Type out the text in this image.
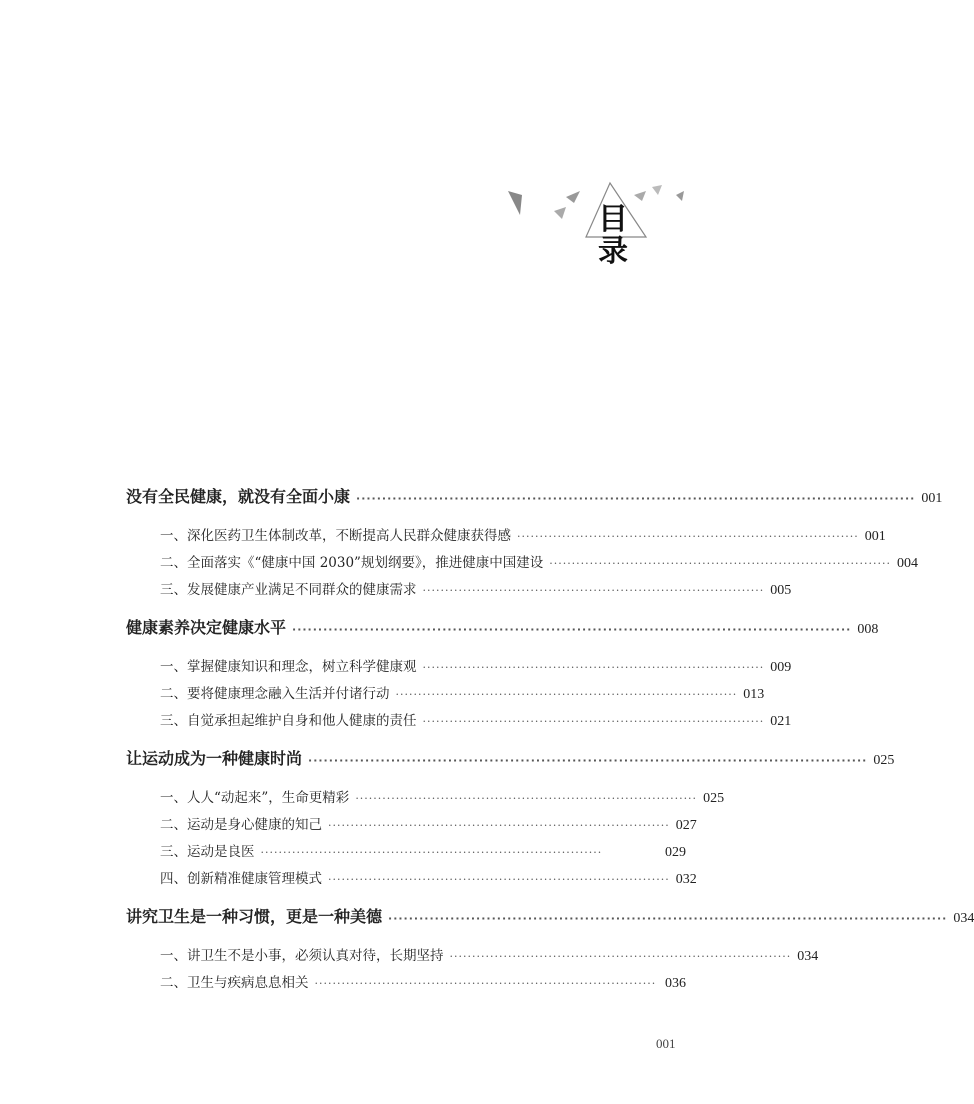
目
录
没有全民健康，就没有全面小康 ············································································································ 001
一、深化医药卫生体制改革，不断提高人民群众健康获得感 ············································································ 001
二、全面落实《“健康中国 2030”规划纲要》，推进健康中国建设 ············································································ 004
三、发展健康产业满足不同群众的健康需求 ············································································ 005
健康素养决定健康水平 ············································································································ 008
一、掌握健康知识和理念，树立科学健康观 ············································································ 009
二、要将健康理念融入生活并付诸行动 ············································································ 013
三、自觉承担起维护自身和他人健康的责任 ············································································ 021
让运动成为一种健康时尚 ············································································································ 025
一、人人“动起来”，生命更精彩 ············································································ 025
二、运动是身心健康的知己 ············································································ 027
三、运动是良医 ············································································	029
四、创新精准健康管理模式 ············································································ 032
讲究卫生是一种习惯，更是一种美德 ············································································································ 034
一、讲卫生不是小事，必须认真对待，长期坚持 ············································································ 034
二、卫生与疾病息息相关 ············································································ 036
001
